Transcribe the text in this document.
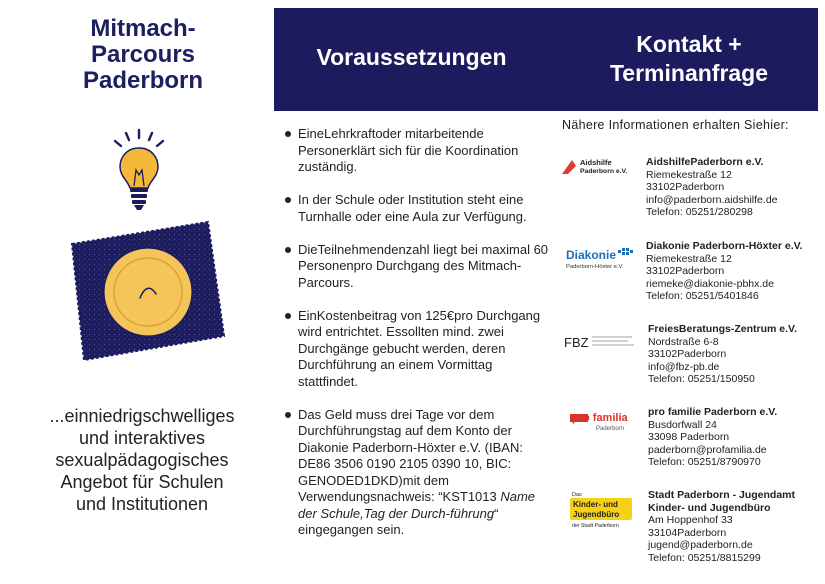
Mitmach-
Parcours
Paderborn
...einniedrigschwelliges
und interaktives
sexualpädagogisches
Angebot für Schulen
und Institutionen
Voraussetzungen	Kontakt +
Terminanfrage
EineLehrkraftoder mitarbeitende Personerklärt sich für die Koordination zuständig.
In der Schule oder Institution steht eine Turnhalle oder eine Aula zur Verfügung.
DieTeilnehmendenzahl liegt bei maximal 60 Personenpro Durchgang des Mitmach-Parcours.
EinKostenbeitrag von 125€pro Durchgang wird entrichtet. Essollten mind. zwei Durchgänge gebucht werden, deren Durchführung an einem Vormittag stattfindet.
Das Geld muss drei Tage vor dem Durchführungstag auf dem Konto der Diakonie Paderborn-Höxter e.V. (IBAN: DE86 3506 0190 2105 0390 10, BIC: GENODED1DKD)mit dem Verwendungsnachweis: “KST1013 Name der Schule,Tag der Durch-führung“ eingegangen sein.
Nähere Informationen erhalten Siehier:
Aidshilfe
Paderborn e.V.
AidshilfePaderborn e.V.
Riemekestraße 12
33102Paderborn
info@paderborn.aidshilfe.de
Telefon: 05251/280298
Diakonie
Paderborn-Höxter e.V.
Diakonie Paderborn-Höxter e.V.
Riemekestraße 12
33102Paderborn
riemeke@diakonie-pbhx.de
Telefon: 05251/5401846
FBZ
FreiesBeratungs-Zentrum e.V.
Nordstraße 6-8
33102Paderborn
info@fbz-pb.de
Telefon: 05251/150950
pro familia
Paderborn
pro familie Paderborn e.V.
Busdorfwall 24
33098 Paderborn
paderborn@profamilia.de
Telefon: 05251/8790970
Das
Kinder- und
Jugendbüro
der Stadt Paderborn
Stadt Paderborn - Jugendamt Kinder- und Jugendbüro
Am Hoppenhof 33
33104Paderborn
jugend@paderborn.de
Telefon: 05251/8815299
